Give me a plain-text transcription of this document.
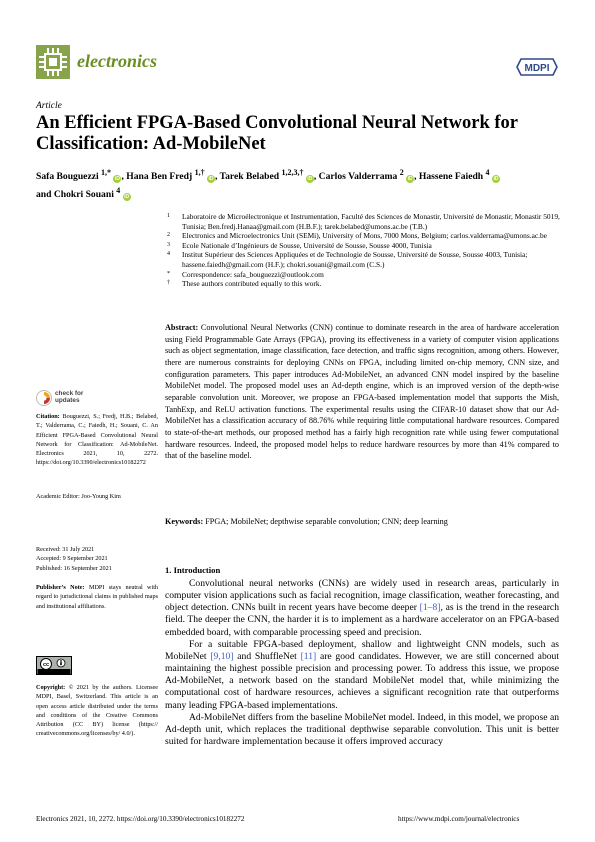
electronics	MDPI
Article
An Efficient FPGA-Based Convolutional Neural Network for Classification: Ad-MobileNet
Safa Bouguezzi $^{1,*}$ iD , Hana Ben Fredj $^{1,\dagger}$ iD , Tarek Belabed $^{1,2,3,\dagger}$ iD , Carlos Valderrama $^2$ iD , Hassene Faiedh $^4$ iD
and Chokri Souani $^4$ iD

1 Laboratoire de Microélectronique et Instrumentation, Faculté des Sciences de Monastir, Université de Monastir, Monastir 5019, Tunisia; Ben.fredj.Hanaa@gmail.com (H.B.F.); tarek.belabed@umons.ac.be (T.B.)

2 Electronics and Microelectronics Unit (SEMi), University of Mons, 7000 Mons, Belgium; carlos.valderrama@umons.ac.be

3 Ecole Nationale d’Ingénieurs de Sousse, Université de Sousse, Sousse 4000, Tunisia

4 Institut Supérieur des Sciences Appliquées et de Technologie de Sousse, Université de Sousse, Sousse 4003, Tunisia; hassene.faiedh@gmail.com (H.F.); chokri.souani@gmail.com (C.S.)

* Correspondence: safa_bouguezzi@outlook.com

† These authors contributed equally to this work.

Abstract: Convolutional Neural Networks (CNN) continue to dominate research in the area of hardware acceleration using Field Programmable Gate Arrays (FPGA), proving its effectiveness in a variety of computer vision applications such as object segmentation, image classification, face detection, and traffic signs recognition, among others. However, there are numerous constraints for deploying CNNs on FPGA, including limited on-chip memory, CNN size, and configuration parameters. This paper introduces Ad-MobileNet, an advanced CNN model inspired by the baseline MobileNet model. The proposed model uses an Ad-depth engine, which is an improved version of the depth-wise separable convolution unit. Moreover, we propose an FPGA-based implementation model that supports the Mish, TanhExp, and ReLU activation functions. The experimental results using the CIFAR-10 dataset show that our Ad-MobileNet has a classification accuracy of 88.76% while requiring little computational hardware resources. Compared to state-of-the-art methods, our proposed method has a fairly high recognition rate while using fewer computational hardware resources. Indeed, the proposed model helps to reduce hardware resources by more than 41% compared to that of the baseline model.
Keywords: FPGA; MobileNet; depthwise separable convolution; CNN; deep learning
check for
updates
Citation: Bouguezzi, S.; Fredj, H.B.; Belabed, T.; Valderrama, C.; Faiedh, H.; Souani, C. An Efficient FPGA-Based Convolutional Neural Network for Classification: Ad-MobileNet. Electronics 2021, 10, 2272. https://doi.org/10.3390/electronics10182272
Academic Editor: Joo-Young Kim
Received: 31 July 2021
Accepted: 9 September 2021
Published: 16 September 2021
Publisher’s Note: MDPI stays neutral with regard to jurisdictional claims in published maps and institutional affiliations.
cc
Copyright: © 2021 by the authors. Licensee MDPI, Basel, Switzerland. This article is an open access article distributed under the terms and conditions of the Creative Commons Attribution (CC BY) license (https:// creativecommons.org/licenses/by/ 4.0/).
1. Introduction

Convolutional neural networks (CNNs) are widely used in research areas, particularly in computer vision applications such as facial recognition, image classification, weather forecasting, and object detection. CNNs built in recent years have become deeper [1–8], as is the trend in the research field. The deeper the CNN, the harder it is to implement as a hardware accelerator on an FPGA-based embedded board, with comparable processing speed and precision.

For a suitable FPGA-based deployment, shallow and lightweight CNN models, such as MobileNet [9,10] and ShuffleNet [11] are good candidates. However, we are still concerned about maintaining the highest possible precision and processing power. To address this issue, we propose Ad-MobileNet, a network based on the standard MobileNet model that, while minimizing the computational cost of hardware resources, achieves a significant recognition rate that outperforms many leading FPGA-based implementations.

Ad-MobileNet differs from the baseline MobileNet model. Indeed, in this model, we propose an Ad-depth unit, which replaces the traditional depthwise separable convolution. This unit is better suited for hardware implementation because it offers improved accuracy

Electronics 2021, 10, 2272. https://doi.org/10.3390/electronics10182272	https://www.mdpi.com/journal/electronics
